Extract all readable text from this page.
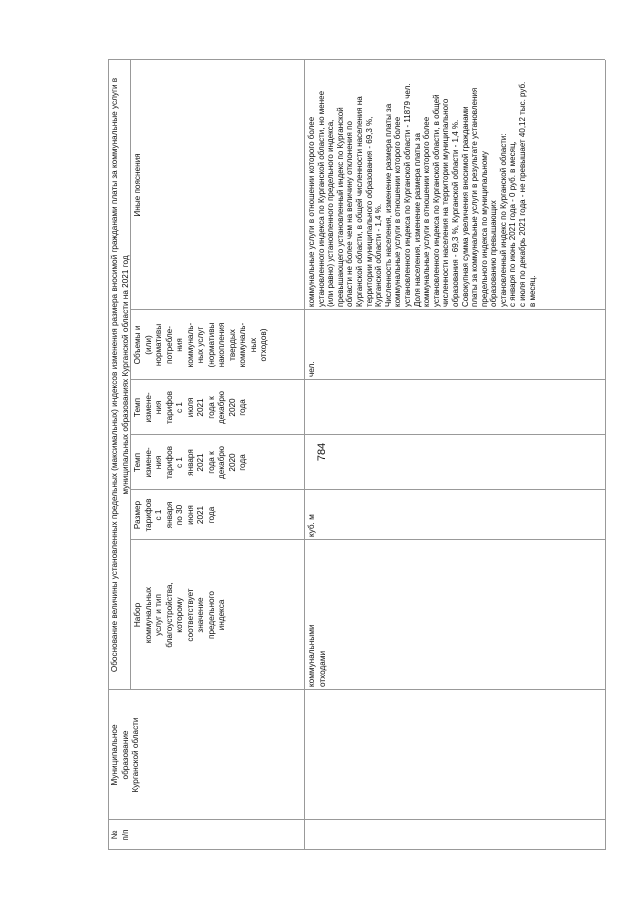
784
Обоснование величины установленных предельных (максимальных) индексов изменения размера вносимой гражданами платы за коммунальные услуги в муниципальных образованиях Курганской области на 2021 год
№
п/п
Муниципальное
образование
Курганской области
Набор
коммунальных
услуг и тип
благоустройства,
которому
соответствует
значение
предельного
индекса
Размер
тарифов
с 1
января
по 30
июня
2021
года
Темп
измене-
ния
тарифов
с 1
января
2021
года к
декабрю
2020
года
Темп
измене-
ния
тарифов
с 1
июля
2021
года к
декабрю
2020
года
Объемы и
(или)
нормативы
потребле-
ния
коммуналь-
ных услуг
(нормативы
накопления
твердых
коммуналь-
ных
отходов)
Иные пояснения
коммунальными
отходами
куб. м
чел.
коммунальные услуги в отношении которого более
установленного индекса по Курганской области, но менее
(или равно) установленного предельного индекса,
превышающего установленный индекс по Курганской
области не более чем на величину отклонения по
Курганской области, в общей численности населения на
территории муниципального образования - 69,3 %,
Курганской области - 1,4 %.
Численность населения, изменение размера платы за
коммунальные услуги в отношении которого более
установленного индекса по Курганской области - 11879 чел.
Доля населения, изменение размера платы за
коммунальные услуги в отношении которого более
установленного индекса по Курганской области, в общей
численности населения на территории муниципального
образования - 69,3 %, Курганской области - 1,4 %.
Совокупная сумма увеличения вносимой гражданами
платы за коммунальные услуги в результате установления
предельного индекса по муниципальному
образованию превышающих
установленный индекс по Курганской области:
с января по июнь 2021 года - 0 руб. в месяц,
с июля по декабрь 2021 года - не превышает 40,12 тыс. руб.
в месяц.
